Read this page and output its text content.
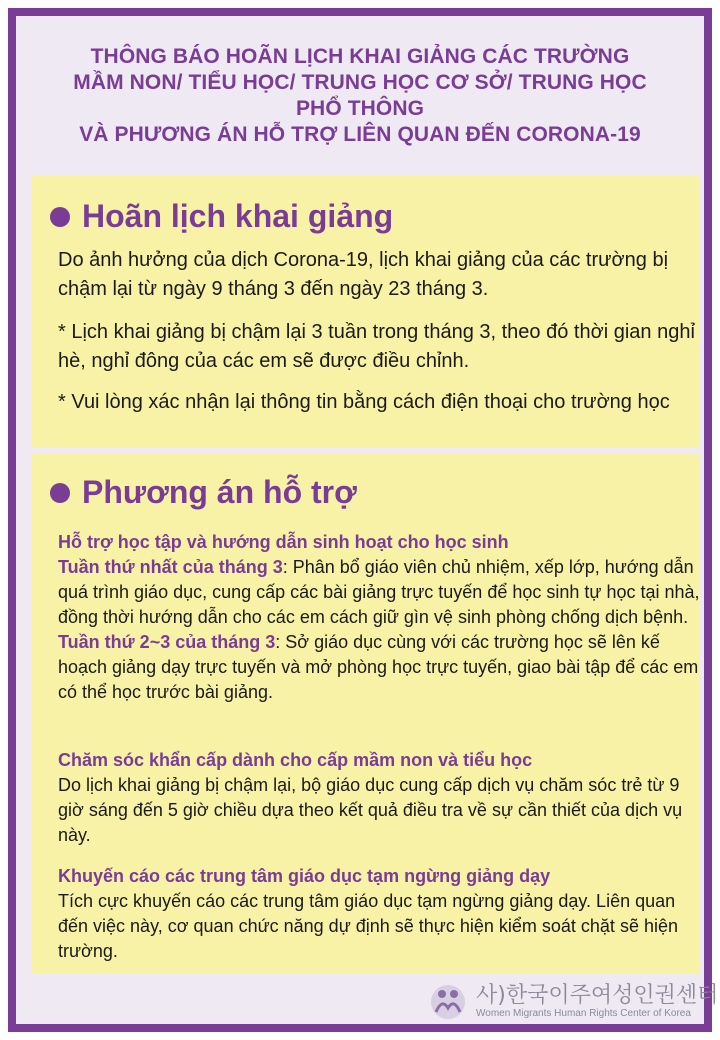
THÔNG BÁO HOÃN LỊCH KHAI GIẢNG CÁC TRƯỜNG
MẦM NON/ TIỂU HỌC/ TRUNG HỌC CƠ SỞ/ TRUNG HỌC
PHỔ THÔNG
VÀ PHƯƠNG ÁN HỖ TRỢ LIÊN QUAN ĐẾN CORONA-19
Hoãn lịch khai giảng
Do ảnh hưởng của dịch Corona-19, lịch khai giảng của các trường bị chậm lại từ ngày 9 tháng 3 đến ngày 23 tháng 3.
* Lịch khai giảng bị chậm lại 3 tuần trong tháng 3, theo đó thời gian nghỉ hè, nghỉ đông của các em sẽ được điều chỉnh.
* Vui lòng xác nhận lại thông tin bằng cách điện thoại cho trường học
Phương án hỗ trợ
Hỗ trợ học tập và hướng dẫn sinh hoạt cho học sinh
Tuần thứ nhất của tháng 3: Phân bổ giáo viên chủ nhiệm, xếp lớp, hướng dẫn quá trình giáo dục, cung cấp các bài giảng trực tuyến để học sinh tự học tại nhà, đồng thời hướng dẫn cho các em cách giữ gìn vệ sinh phòng chống dịch bệnh.
Tuần thứ 2~3 của tháng 3: Sở giáo dục cùng với các trường học sẽ lên kế hoạch giảng dạy trực tuyến và mở phòng học trực tuyến, giao bài tập để các em có thể học trước bài giảng.
Chăm sóc khẩn cấp dành cho cấp mầm non và tiểu học
Do lịch khai giảng bị chậm lại, bộ giáo dục cung cấp dịch vụ chăm sóc trẻ từ 9 giờ sáng đến 5 giờ chiều dựa theo kết quả điều tra về sự cần thiết của dịch vụ này.
Khuyến cáo các trung tâm giáo dục tạm ngừng giảng dạy
Tích cực khuyến cáo các trung tâm giáo dục tạm ngừng giảng dạy. Liên quan đến việc này, cơ quan chức năng dự định sẽ thực hiện kiểm soát chặt sẽ hiện trường.
사)한국이주여성인권센터
Women Migrants Human Rights Center of Korea
